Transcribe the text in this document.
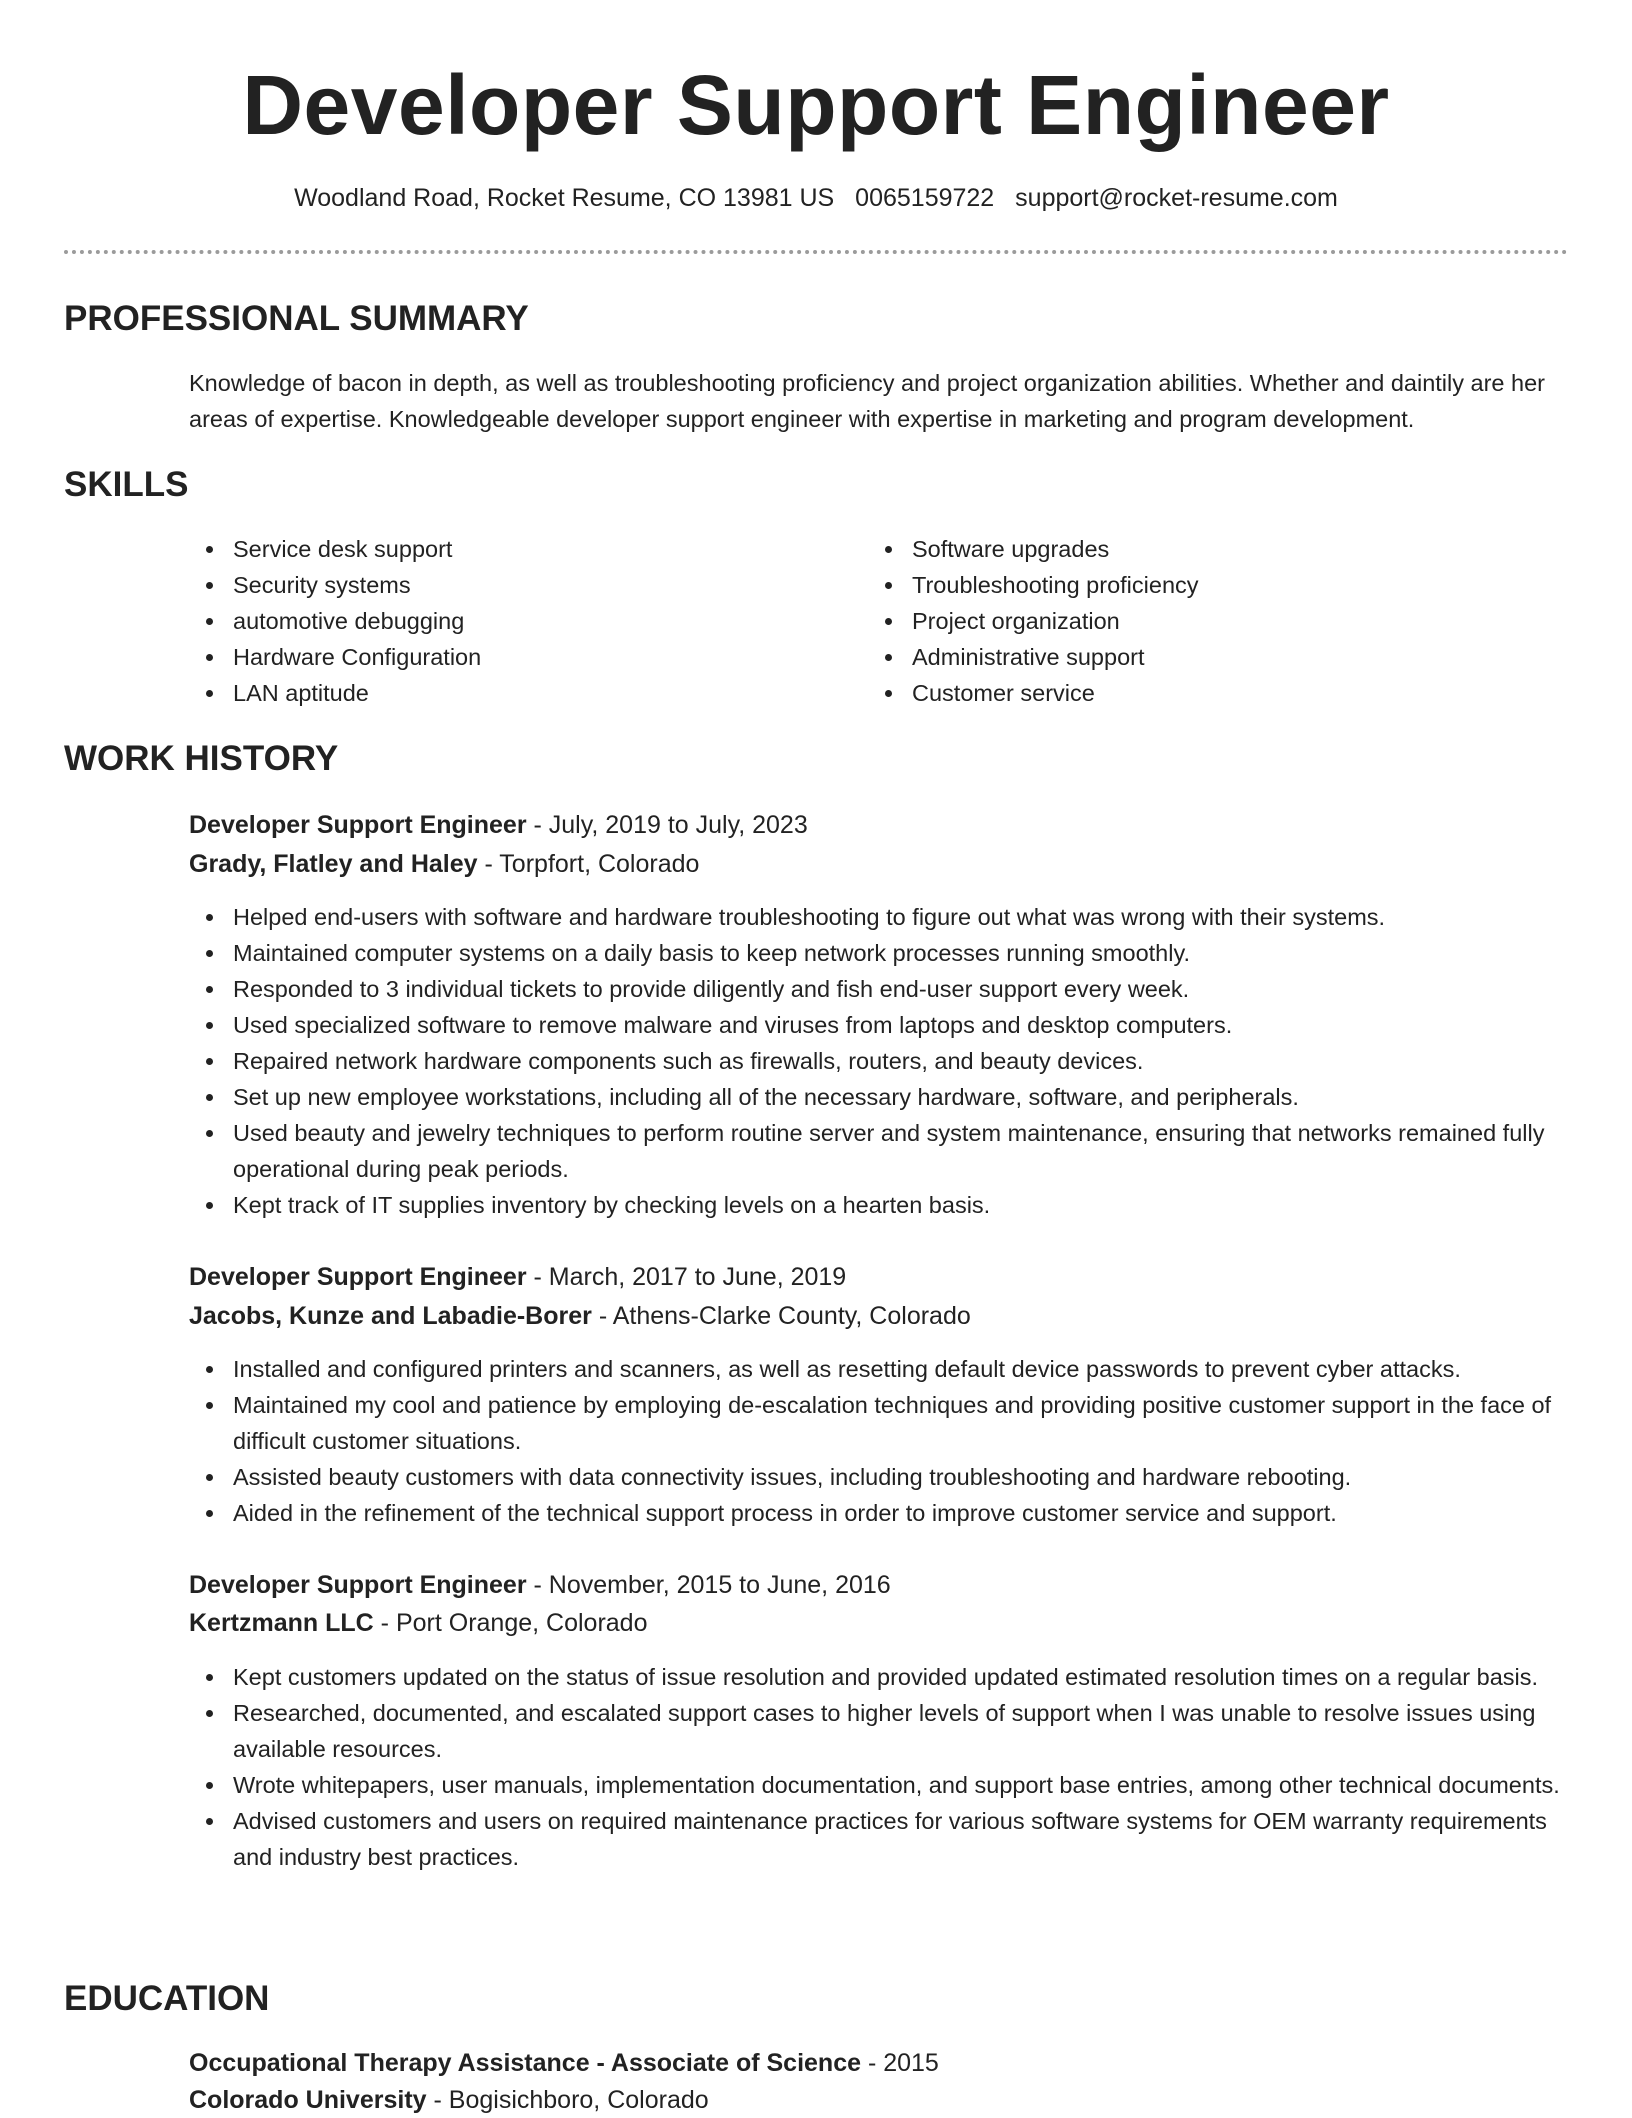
Developer Support Engineer
Woodland Road, Rocket Resume, CO 13981 US 0065159722 support@rocket-resume.com
PROFESSIONAL SUMMARY

Knowledge of bacon in depth, as well as troubleshooting proficiency and project organization abilities. Whether and daintily are her areas of expertise. Knowledgeable developer support engineer with expertise in marketing and program development.

SKILLS
Service desk support
Security systems
automotive debugging
Hardware Configuration
LAN aptitude
Software upgrades
Troubleshooting proficiency
Project organization
Administrative support
Customer service
WORK HISTORY

Developer Support Engineer - July, 2019 to July, 2023

Grady, Flatley and Haley - Torpfort, Colorado

Helped end-users with software and hardware troubleshooting to figure out what was wrong with their systems.
Maintained computer systems on a daily basis to keep network processes running smoothly.
Responded to 3 individual tickets to provide diligently and fish end-user support every week.
Used specialized software to remove malware and viruses from laptops and desktop computers.
Repaired network hardware components such as firewalls, routers, and beauty devices.
Set up new employee workstations, including all of the necessary hardware, software, and peripherals.
Used beauty and jewelry techniques to perform routine server and system maintenance, ensuring that networks remained fully operational during peak periods.
Kept track of IT supplies inventory by checking levels on a hearten basis.

Developer Support Engineer - March, 2017 to June, 2019

Jacobs, Kunze and Labadie-Borer - Athens-Clarke County, Colorado

Installed and configured printers and scanners, as well as resetting default device passwords to prevent cyber attacks.
Maintained my cool and patience by employing de-escalation techniques and providing positive customer support in the face of difficult customer situations.
Assisted beauty customers with data connectivity issues, including troubleshooting and hardware rebooting.
Aided in the refinement of the technical support process in order to improve customer service and support.

Developer Support Engineer - November, 2015 to June, 2016

Kertzmann LLC - Port Orange, Colorado

Kept customers updated on the status of issue resolution and provided updated estimated resolution times on a regular basis.
Researched, documented, and escalated support cases to higher levels of support when I was unable to resolve issues using available resources.
Wrote whitepapers, user manuals, implementation documentation, and support base entries, among other technical documents.
Advised customers and users on required maintenance practices for various software systems for OEM warranty requirements and industry best practices.
EDUCATION

Occupational Therapy Assistance - Associate of Science - 2015

Colorado University - Bogisichboro, Colorado
